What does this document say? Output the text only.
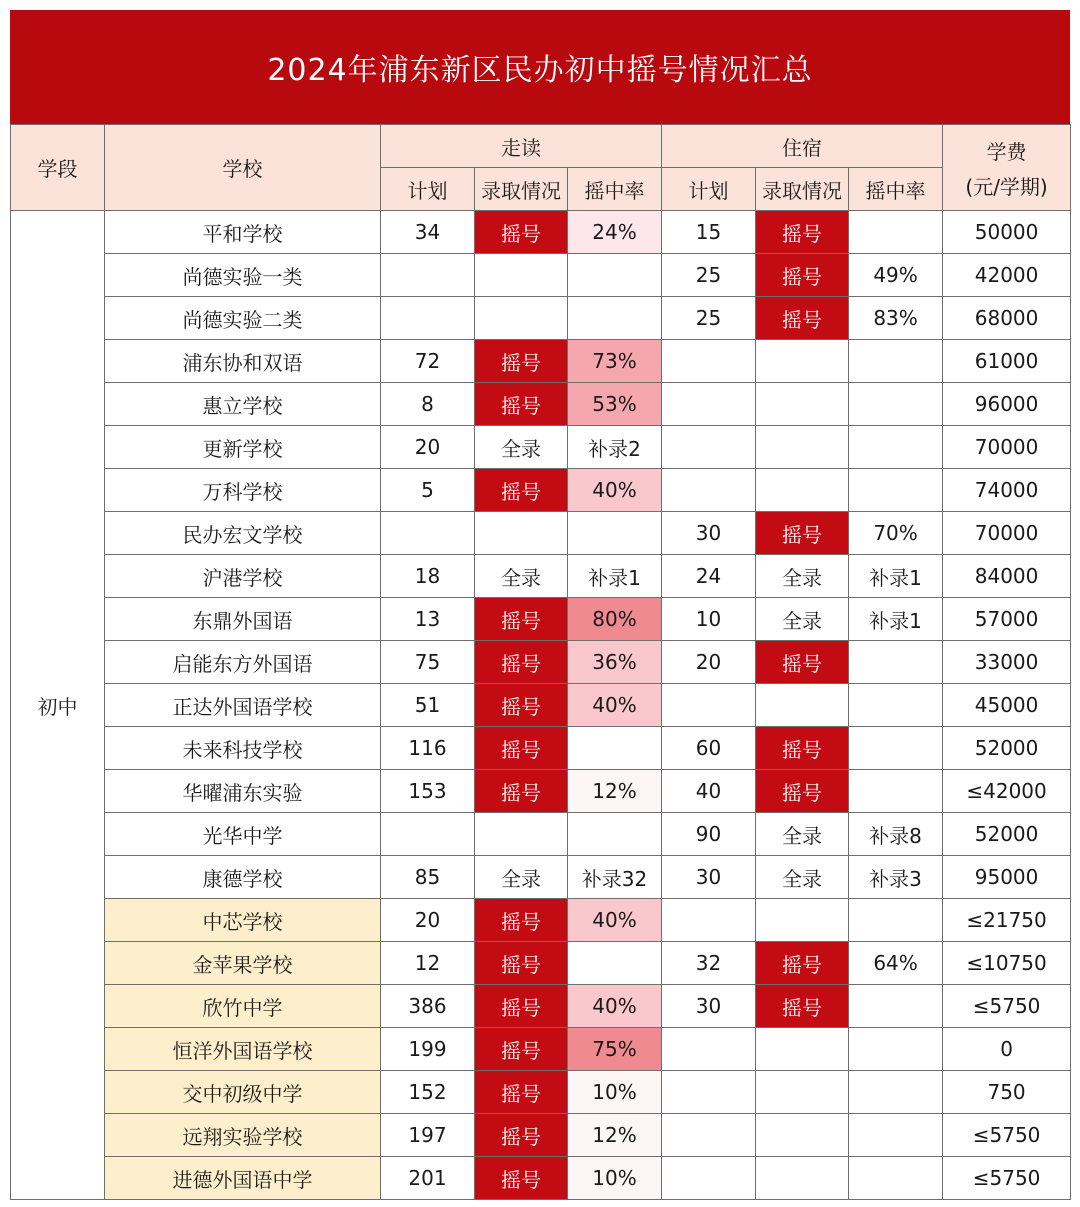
2024年浦东新区民办初中摇号情况汇总
学段	学校	走读			住宿			学费
(元/学期)

		计划	录取情况	摇中率	计划	录取情况	摇中率	
初中	平和学校	34	摇号	24%	15	摇号		50000
	尚德实验一类				25	摇号	49%	42000
	尚德实验二类				25	摇号	83%	68000
	浦东协和双语	72	摇号	73%				61000
	惠立学校	8	摇号	53%				96000
	更新学校	20	全录	补录2				70000
	万科学校	5	摇号	40%				74000
	民办宏文学校				30	摇号	70%	70000
	沪港学校	18	全录	补录1	24	全录	补录1	84000
	东鼎外国语	13	摇号	80%	10	全录	补录1	57000
	启能东方外国语	75	摇号	36%	20	摇号		33000
	正达外国语学校	51	摇号	40%				45000
	未来科技学校	116	摇号		60	摇号		52000
	华曜浦东实验	153	摇号	12%	40	摇号		≤42000
	光华中学				90	全录	补录8	52000
	康德学校	85	全录	补录32	30	全录	补录3	95000
	中芯学校	20	摇号	40%				≤21750
	金苹果学校	12	摇号		32	摇号	64%	≤10750
	欣竹中学	386	摇号	40%	30	摇号		≤5750
	恒洋外国语学校	199	摇号	75%				0
	交中初级中学	152	摇号	10%				750
	远翔实验学校	197	摇号	12%				≤5750
	进德外国语中学	201	摇号	10%				≤5750
